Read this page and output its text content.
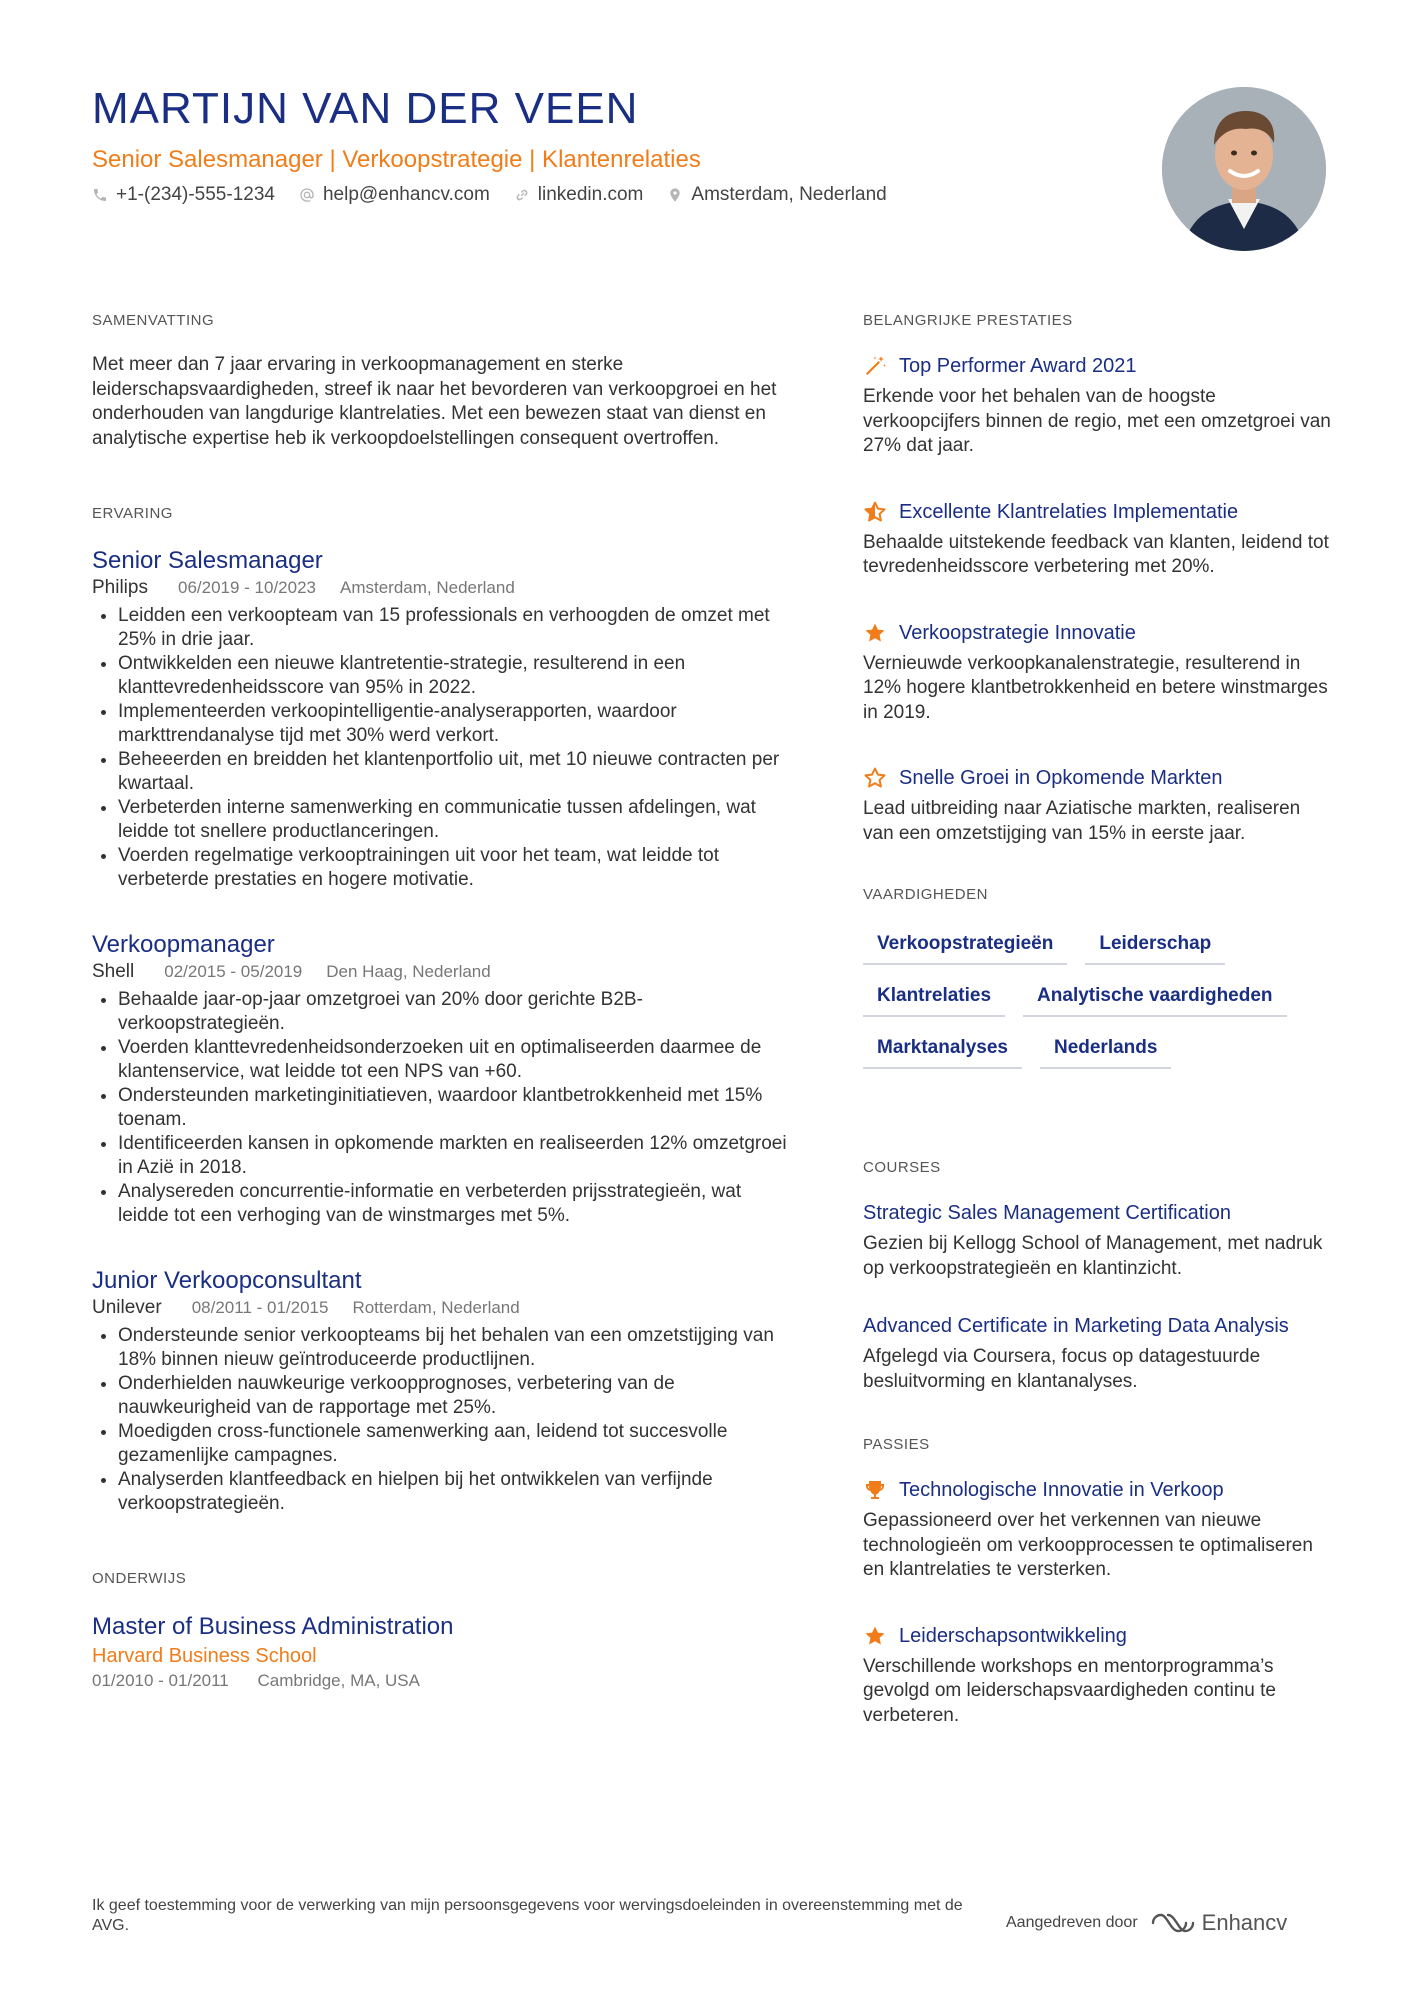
MARTIJN VAN DER VEEN
Senior Salesmanager | Verkoopstrategie | Klantenrelaties
+1-(234)-555-1234	help@enhancv.com	linkedin.com	Amsterdam, Nederland
SAMENVATTING

Met meer dan 7 jaar ervaring in verkoopmanagement en sterke leiderschapsvaardigheden, streef ik naar het bevorderen van verkoopgroei en het onderhouden van langdurige klantrelaties. Met een bewezen staat van dienst en analytische expertise heb ik verkoopdoelstellingen consequent overtroffen.

ERVARING
Senior Salesmanager
Philips 06/2019 - 10/2023 Amsterdam, Nederland
• Leidden een verkoopteam van 15 professionals en verhoogden de omzet met 25% in drie jaar.
• Ontwikkelden een nieuwe klantretentie-strategie, resulterend in een klanttevredenheidsscore van 95% in 2022.
• Implementeerden verkoopintelligentie-analyserapporten, waardoor markttrendanalyse tijd met 30% werd verkort.
• Beheeerden en breidden het klantenportfolio uit, met 10 nieuwe contracten per kwartaal.
• Verbeterden interne samenwerking en communicatie tussen afdelingen, wat leidde tot snellere productlanceringen.
• Voerden regelmatige verkooptrainingen uit voor het team, wat leidde tot verbeterde prestaties en hogere motivatie.
Verkoopmanager
Shell 02/2015 - 05/2019 Den Haag, Nederland
• Behaalde jaar-op-jaar omzetgroei van 20% door gerichte B2B-verkoopstrategieën.
• Voerden klanttevredenheidsonderzoeken uit en optimaliseerden daarmee de klantenservice, wat leidde tot een NPS van +60.
• Ondersteunden marketinginitiatieven, waardoor klantbetrokkenheid met 15% toenam.
• Identificeerden kansen in opkomende markten en realiseerden 12% omzetgroei in Azië in 2018.
• Analysereden concurrentie-informatie en verbeterden prijsstrategieën, wat leidde tot een verhoging van de winstmarges met 5%.
Junior Verkoopconsultant
Unilever 08/2011 - 01/2015 Rotterdam, Nederland
• Ondersteunde senior verkoopteams bij het behalen van een omzetstijging van 18% binnen nieuw geïntroduceerde productlijnen.
• Onderhielden nauwkeurige verkoopprognoses, verbetering van de nauwkeurigheid van de rapportage met 25%.
• Moedigden cross-functionele samenwerking aan, leidend tot succesvolle gezamenlijke campagnes.
• Analyserden klantfeedback en hielpen bij het ontwikkelen van verfijnde verkoopstrategieën.
ONDERWIJS
Master of Business Administration
Harvard Business School
01/2010 - 01/2011 Cambridge, MA, USA
BELANGRIJKE PRESTATIES
Top Performer Award 2021
Erkende voor het behalen van de hoogste verkoopcijfers binnen de regio, met een omzetgroei van 27% dat jaar.
Excellente Klantrelaties Implementatie
Behaalde uitstekende feedback van klanten, leidend tot tevredenheidsscore verbetering met 20%.
Verkoopstrategie Innovatie
Vernieuwde verkoopkanalenstrategie, resulterend in 12% hogere klantbetrokkenheid en betere winstmarges in 2019.
Snelle Groei in Opkomende Markten
Lead uitbreiding naar Aziatische markten, realiseren van een omzetstijging van 15% in eerste jaar.
VAARDIGHEDEN
Verkoopstrategieën	Leiderschap
Klantrelaties	Analytische vaardigheden
Marktanalyses	Nederlands
COURSES
Strategic Sales Management Certification
Gezien bij Kellogg School of Management, met nadruk op verkoopstrategieën en klantinzicht.
Advanced Certificate in Marketing Data Analysis
Afgelegd via Coursera, focus op datagestuurde besluitvorming en klantanalyses.
PASSIES
Technologische Innovatie in Verkoop
Gepassioneerd over het verkennen van nieuwe technologieën om verkoopprocessen te optimaliseren en klantrelaties te versterken.
Leiderschapsontwikkeling
Verschillende workshops en mentorprogramma’s gevolgd om leiderschapsvaardigheden continu te verbeteren.
Ik geef toestemming voor de verwerking van mijn persoonsgegevens voor wervingsdoeleinden in overeenstemming met de AVG.	Aangedreven door	Enhancv
